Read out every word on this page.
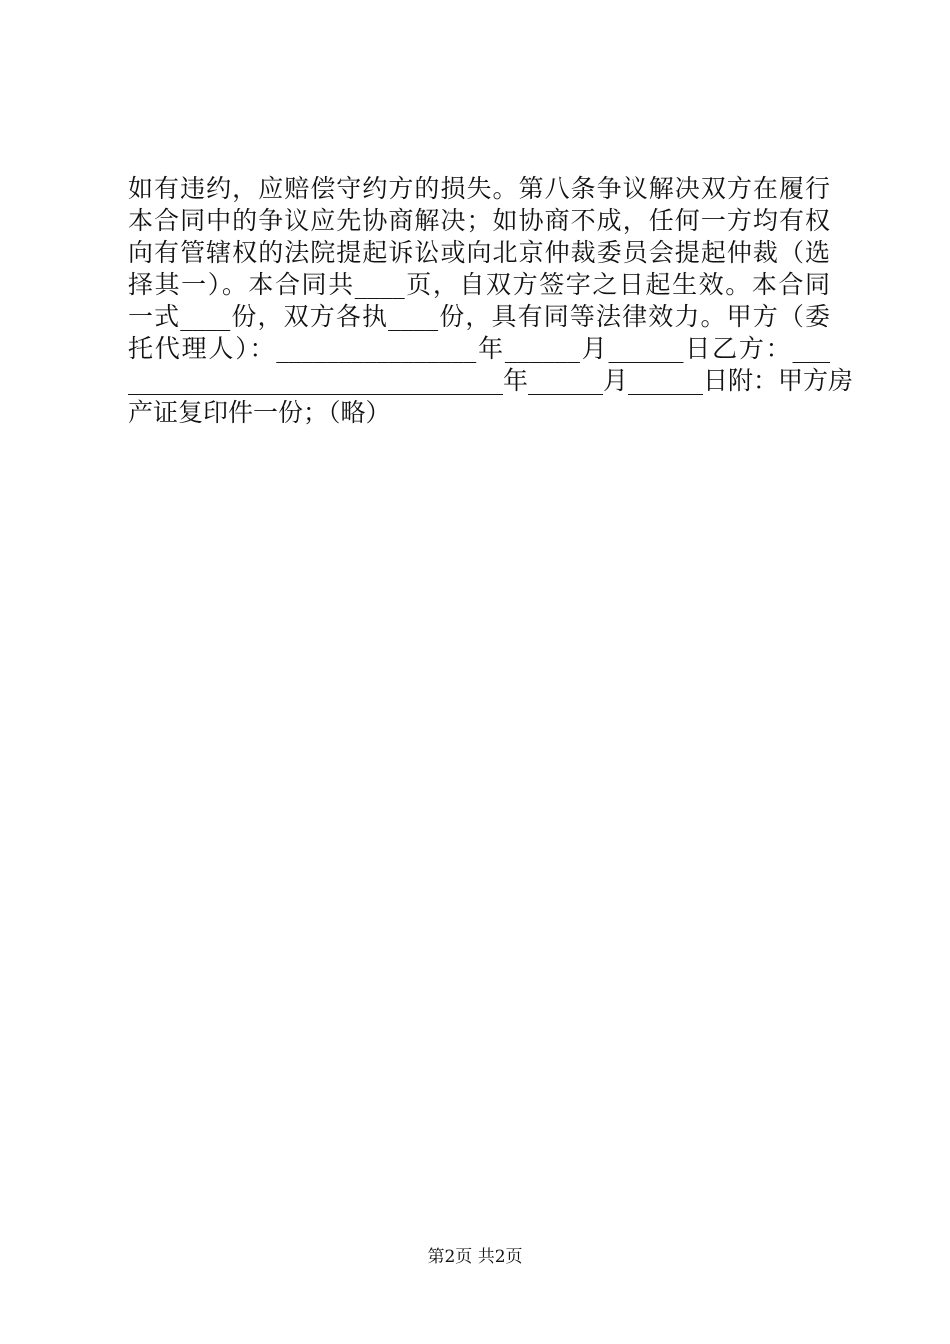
如有违约，应赔偿守约方的损失。第八条争议解决双方在履行
本合同中的争议应先协商解决；如协商不成，任何一方均有权
向有管辖权的法院提起诉讼或向北京仲裁委员会提起仲裁（选
择其一）。本合同共____页，自双方签字之日起生效。本合同
一式____份，双方各执____份，具有同等法律效力。甲方（委
托代理人）：________________年______月______日乙方：___
______________________________年______月______日附：甲方房
产证复印件一份；（略）
第2页 共2页
